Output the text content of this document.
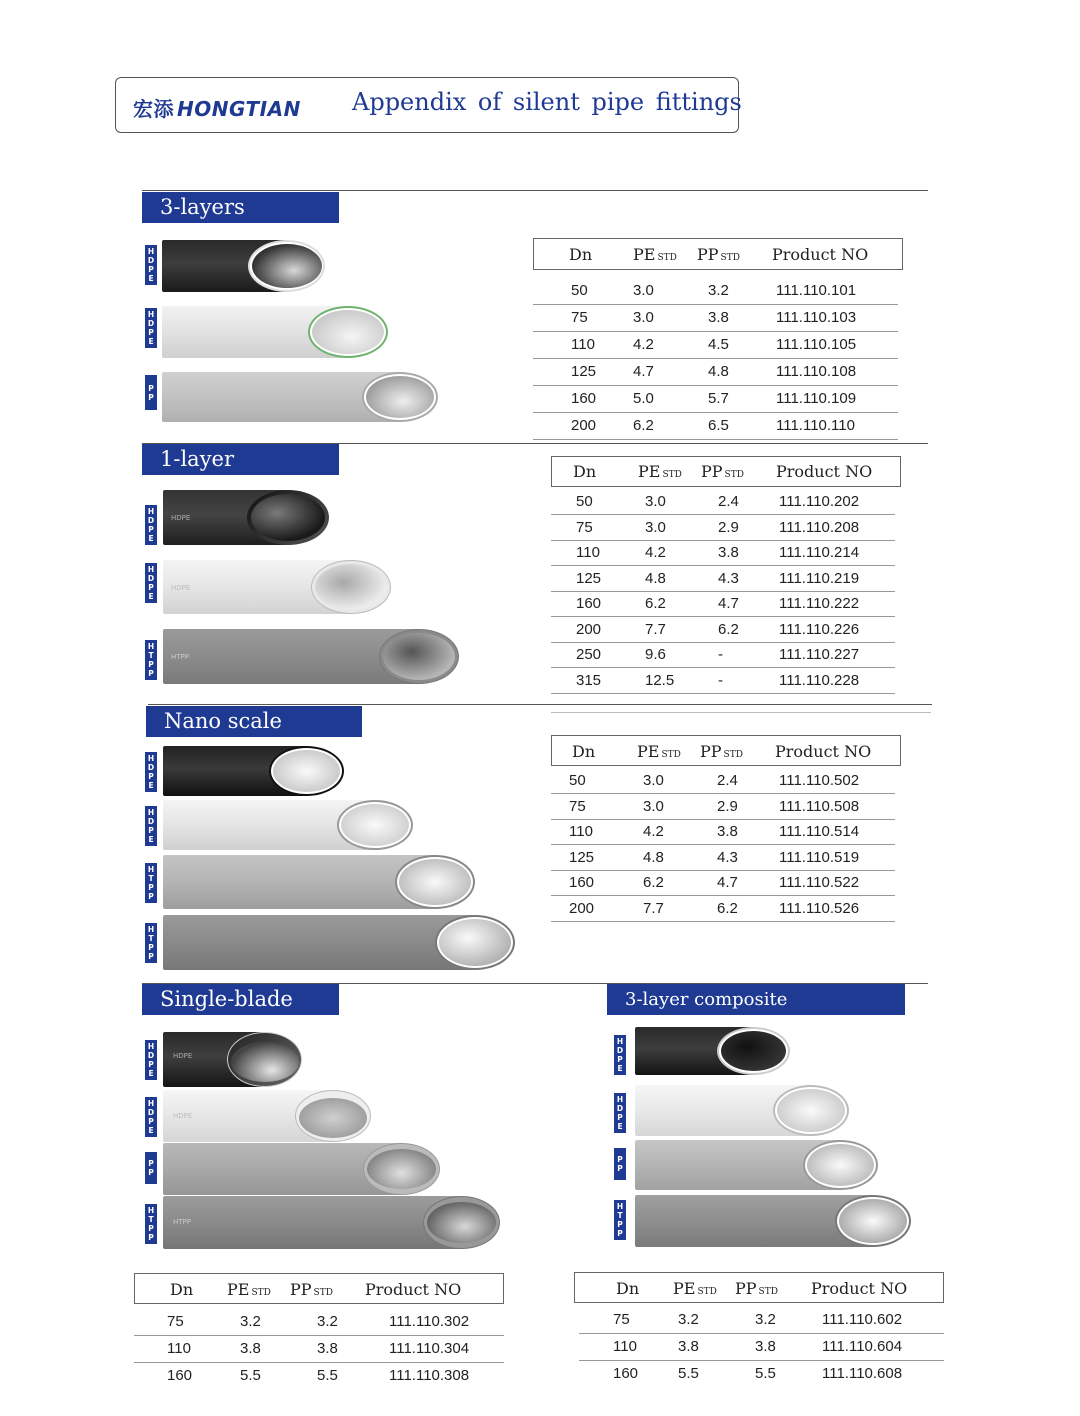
宏添 HONGTIAN Appendix of silent pipe fittings
3-layers
H
D
P
E
H
D
P
E
P
P
Dn	PE STD	PP STD	Product NO
50	3.0	3.2	111.110.101
75	3.0	3.8	111.110.103
110	4.2	4.5	111.110.105
125	4.7	4.8	111.110.108
160	5.0	5.7	111.110.109
200	6.2	6.5	111.110.110
1-layer
H
D
P
E
H
D
P
E
H
T
P
P
HDPE
HDPE
HTPP
Dn	PE STD	PP STD	Product NO
50	3.0	2.4	111.110.202
75	3.0	2.9	111.110.208
110	4.2	3.8	111.110.214
125	4.8	4.3	111.110.219
160	6.2	4.7	111.110.222
200	7.7	6.2	111.110.226
250	9.6	-	111.110.227
315	12.5	-	111.110.228
Nano scale
H
D
P
E
H
D
P
E
H
T
P
P
H
T
P
P
Dn	PE STD	PP STD	Product NO
50	3.0	2.4	111.110.502
75	3.0	2.9	111.110.508
110	4.2	3.8	111.110.514
125	4.8	4.3	111.110.519
160	6.2	4.7	111.110.522
200	7.7	6.2	111.110.526
Single-blade
H
D
P
E
H
D
P
E
P
P
H
T
P
P
HDPE
HDPE
HTPP
Dn	PE STD	PP STD	Product NO
75	3.2	3.2	111.110.302
110	3.8	3.8	111.110.304
160	5.5	5.5	111.110.308
3-layer composite
H
D
P
E
H
D
P
E
P
P
H
T
P
P
Dn	PE STD	PP STD	Product NO
75	3.2	3.2	111.110.602
110	3.8	3.8	111.110.604
160	5.5	5.5	111.110.608
